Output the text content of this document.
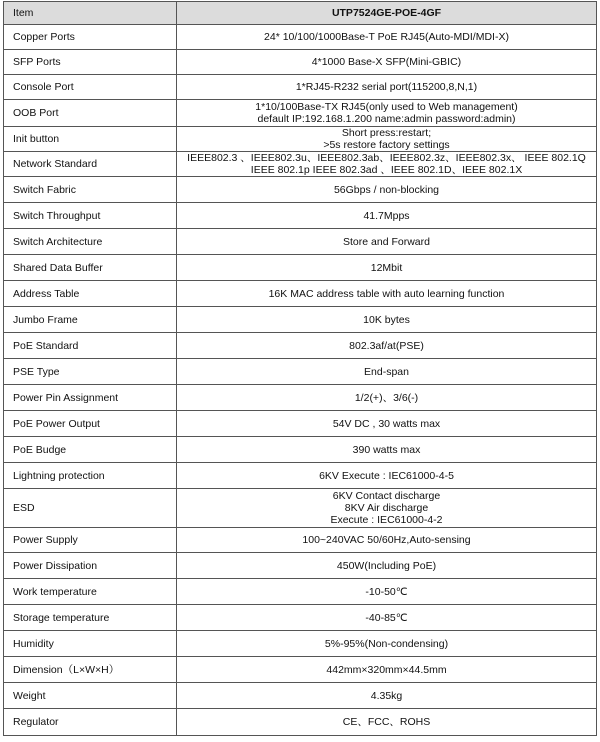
Item	UTP7524GE-POE-4GF
Copper Ports	24* 10/100/1000Base-T PoE RJ45(Auto-MDI/MDI-X)

SFP Ports	4*1000 Base-X SFP(Mini-GBIC)

Console Port	1*RJ45-R232 serial port(115200,8,N,1)

OOB Port	1*10/100Base-TX RJ45(only used to Web management)
default IP:192.168.1.200 name:admin password:admin)

Init button	Short press:restart;
>5s restore factory settings

Network Standard	IEEE802.3 、IEEE802.3u、IEEE802.3ab、IEEE802.3z、IEEE802.3x、 IEEE 802.1Q
IEEE 802.1p IEEE 802.3ad 、IEEE 802.1D、IEEE 802.1X

Switch Fabric	56Gbps / non-blocking

Switch Throughput	41.7Mpps

Switch Architecture	Store and Forward

Shared Data Buffer	12Mbit

Address Table	16K MAC address table with auto learning function

Jumbo Frame	10K bytes

PoE Standard	802.3af/at(PSE)

PSE Type	End-span

Power Pin Assignment	1/2(+)、3/6(-)

PoE Power Output	54V DC , 30 watts max

PoE Budge	390 watts max

Lightning protection	6KV Execute : IEC61000-4-5

ESD	6KV Contact discharge
8KV Air discharge
Execute : IEC61000-4-2

Power Supply	100~240VAC 50/60Hz,Auto-sensing

Power Dissipation	450W(Including PoE)

Work temperature	-10-50℃

Storage temperature	-40-85℃

Humidity	5%-95%(Non-condensing)

Dimension（L×W×H）	442mm×320mm×44.5mm

Weight	4.35kg

Regulator	CE、FCC、ROHS
